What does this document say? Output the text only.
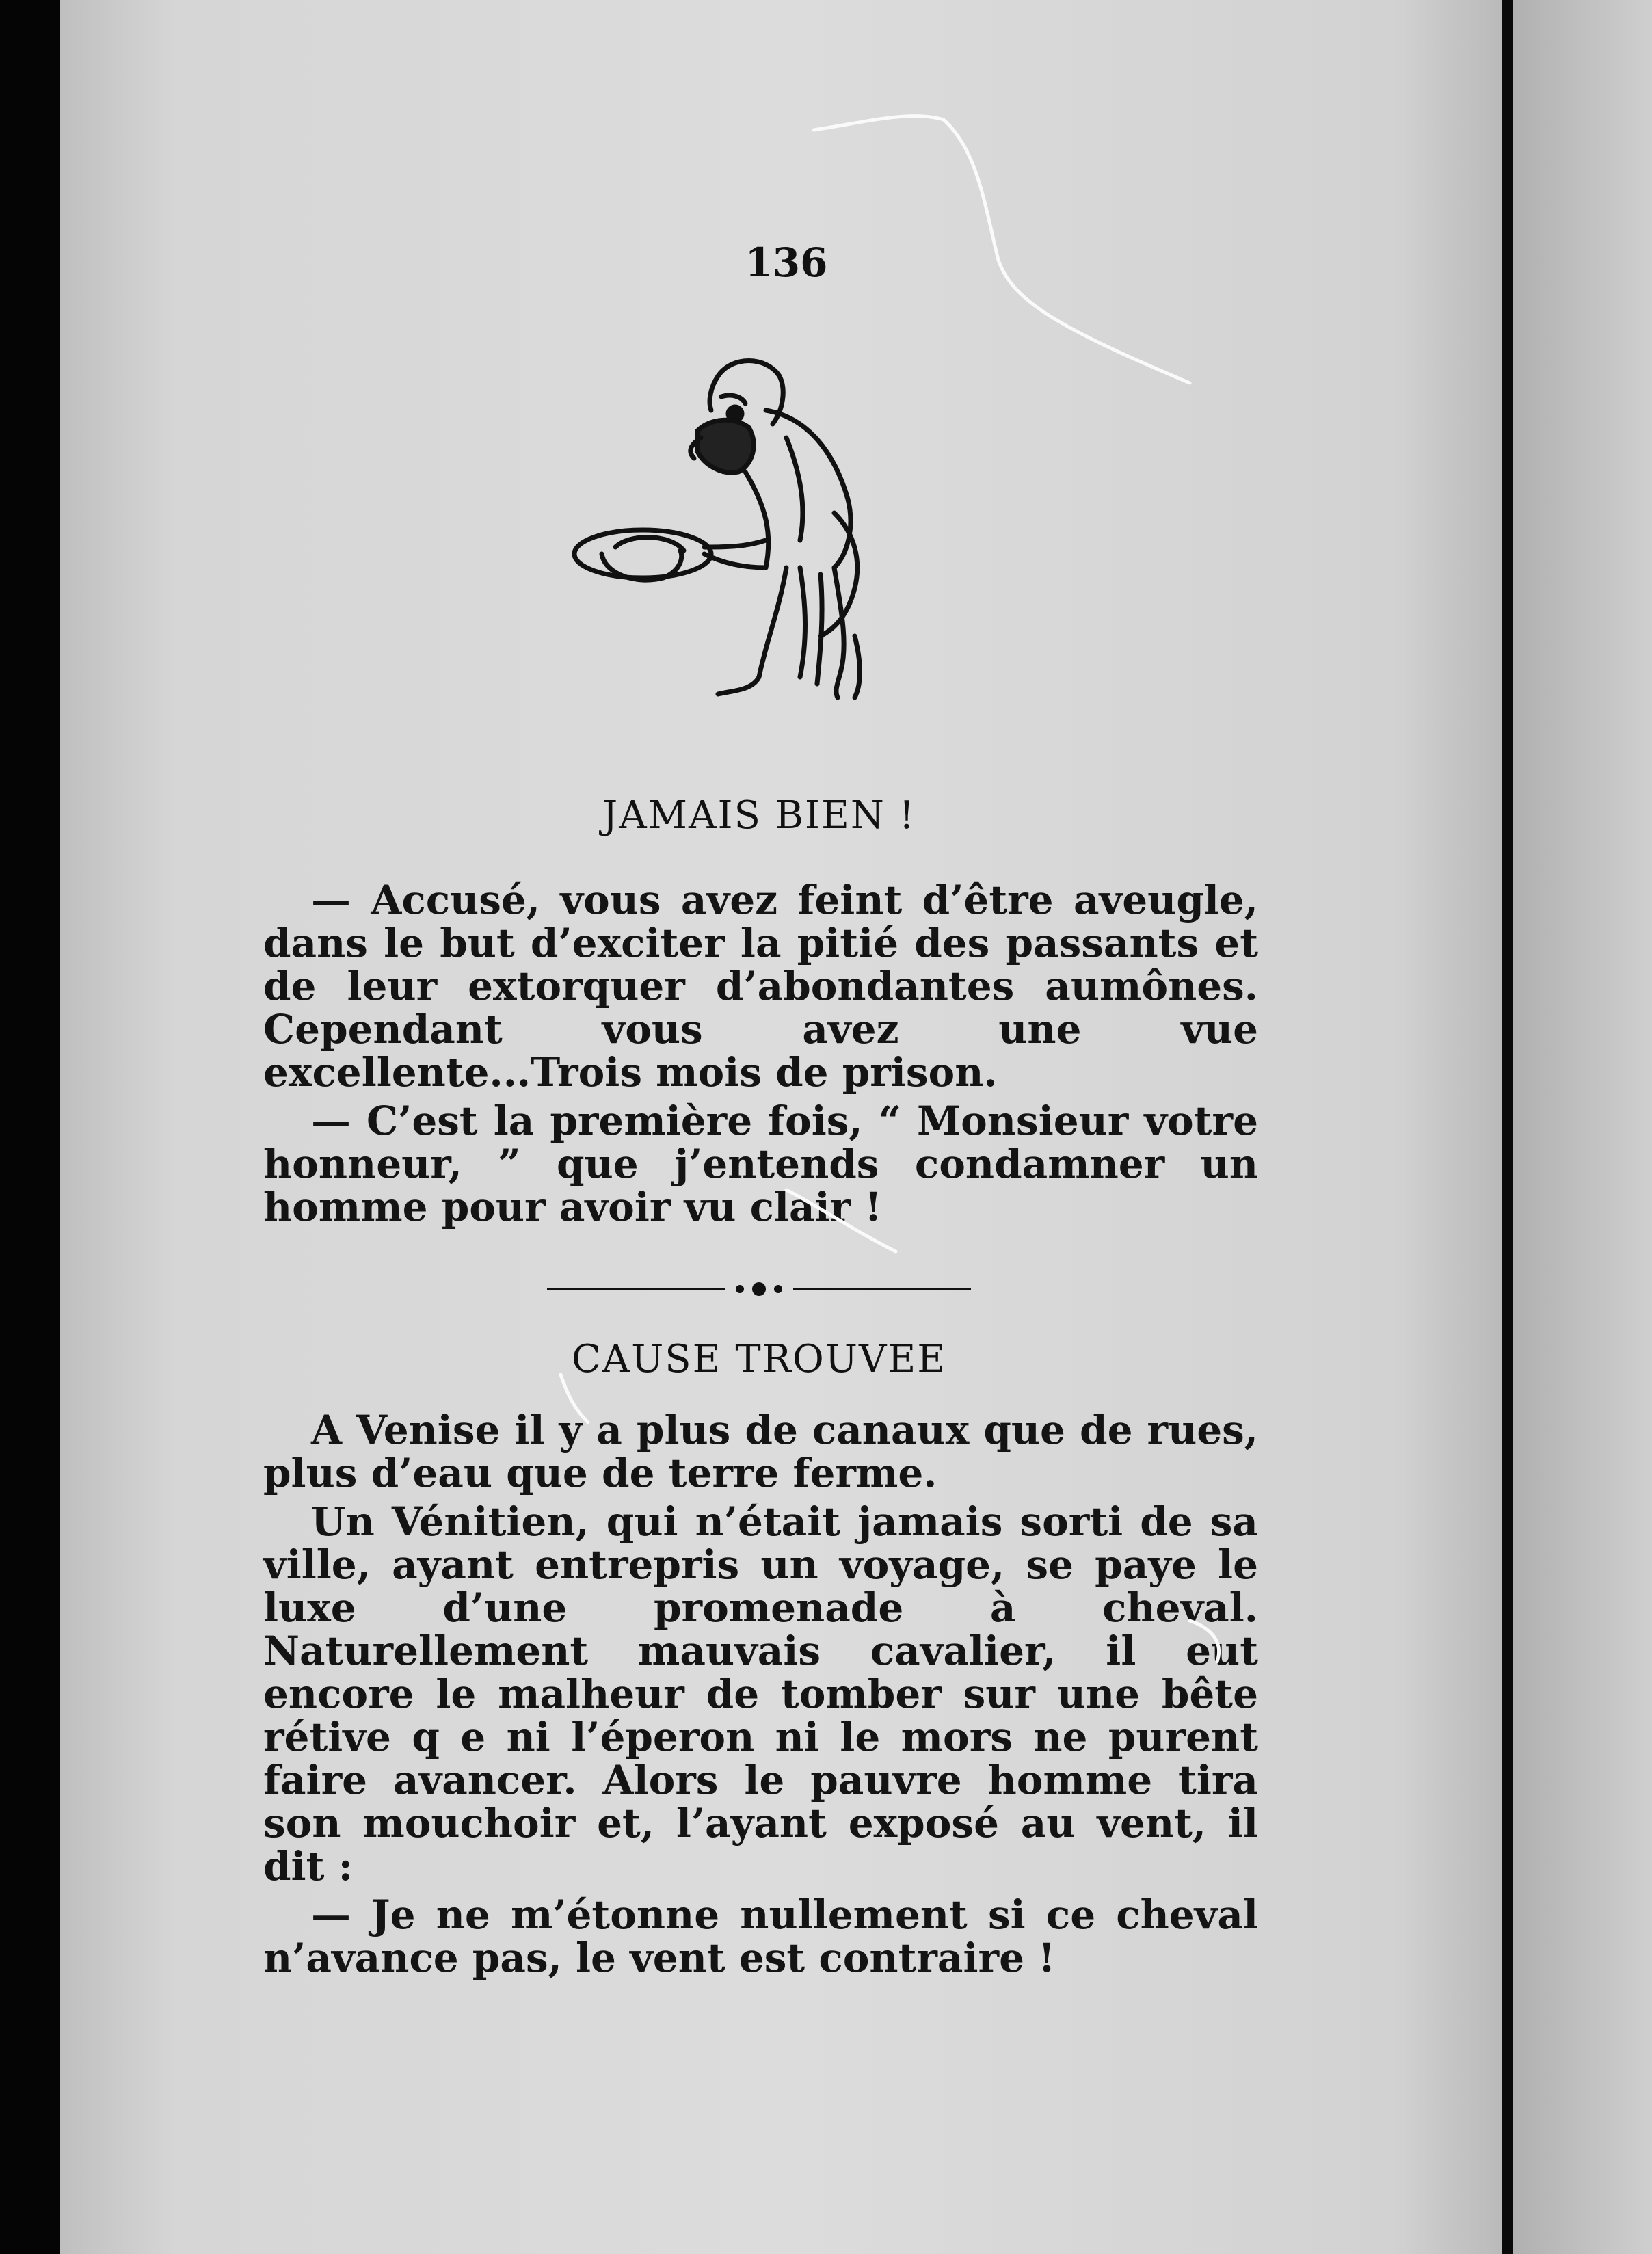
136
JAMAIS BIEN !

— Accusé, vous avez feint d’être aveugle, dans le but d’exciter la pitié des passants et de leur extorquer d’abondantes aumônes. Cependant vous avez une vue excellente...Trois mois de prison.

— C’est la première fois, “ Monsieur votre honneur, ” que j’entends condamner un homme pour avoir vu clair !

CAUSE TROUVEE

A Venise il y a plus de canaux que de rues, plus d’eau que de terre ferme.

Un Vénitien, qui n’était jamais sorti de sa ville, ayant entrepris un voyage, se paye le luxe d’une promenade à cheval. Naturellement mauvais cavalier, il eut encore le malheur de tomber sur une bête rétive q e ni l’éperon ni le mors ne purent faire avancer. Alors le pauvre homme tira son mouchoir et, l’ayant exposé au vent, il dit :

— Je ne m’étonne nullement si ce cheval n’avance pas, le vent est contraire !
